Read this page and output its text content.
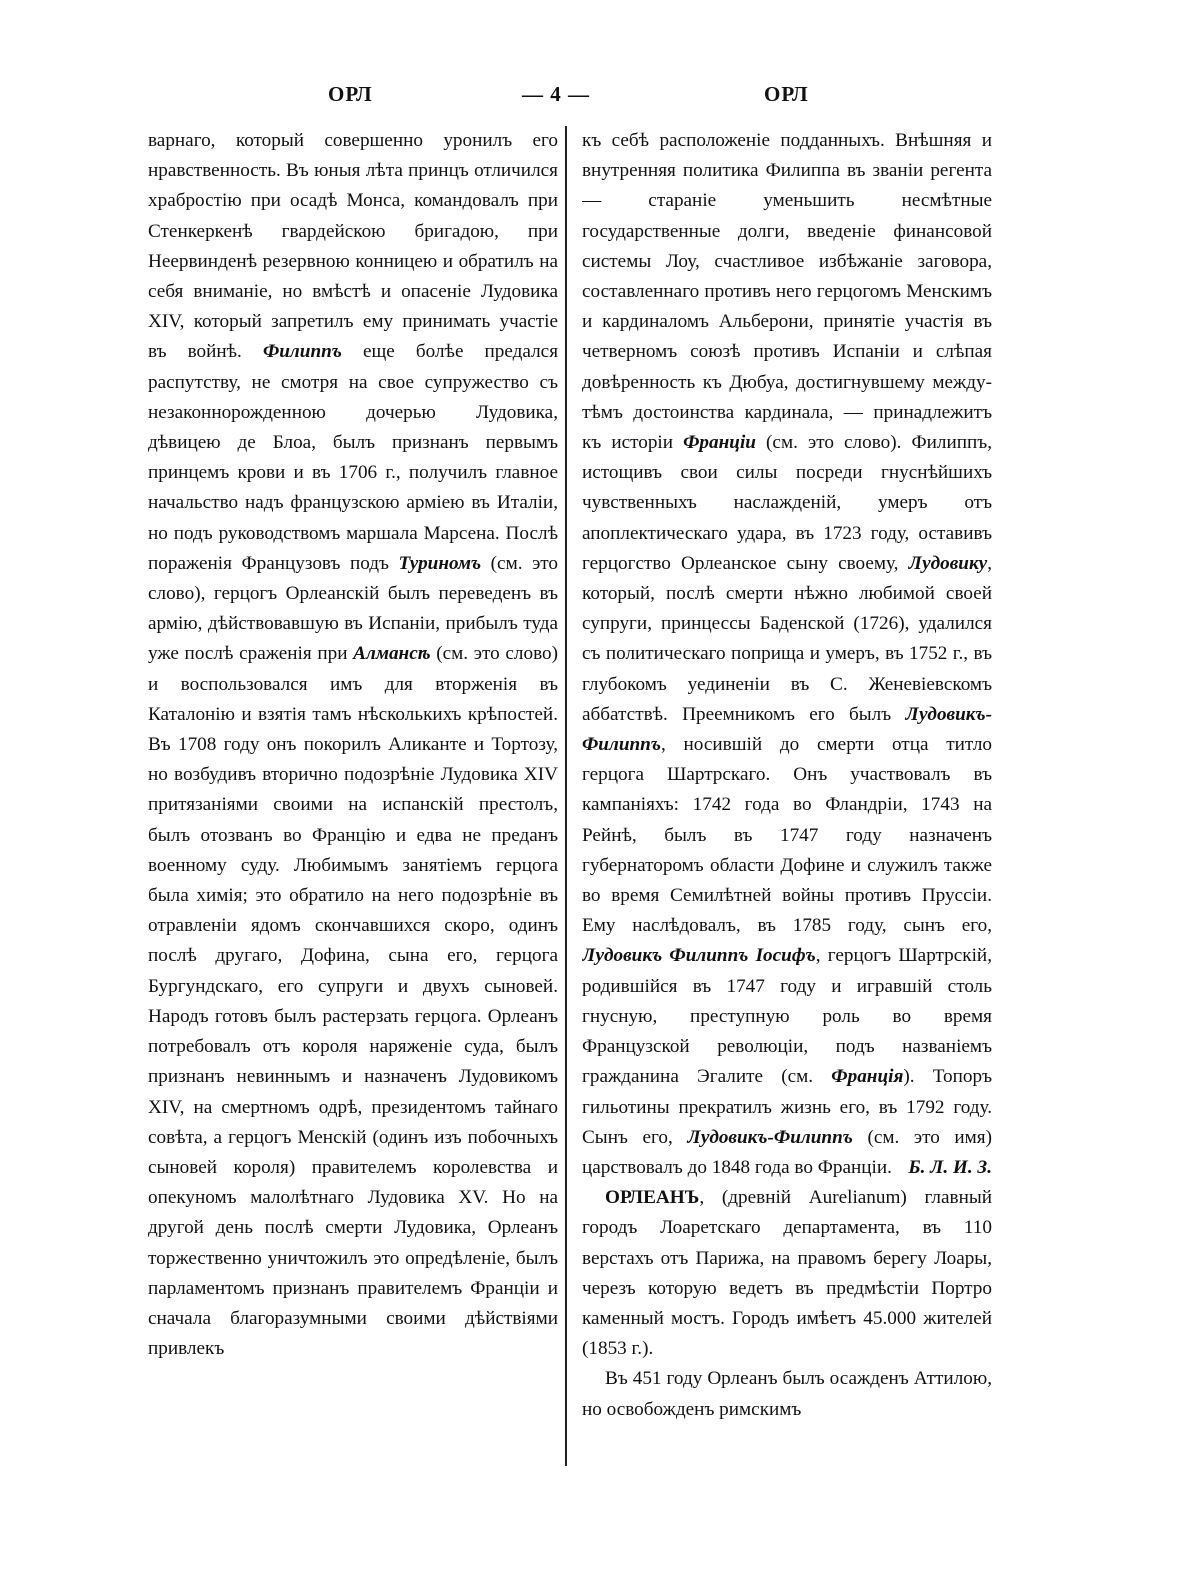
ОРЛ	— 4 —	ОРЛ

варнаго, который совершенно уронилъ его нравственность. Въ юныя лѣта принцъ отличился храбростію при осадѣ Монса, командовалъ при Стенкеркенѣ гвардейскою бригадою, при Неервинденѣ резервною конницею и обратилъ на себя вниманіе, но вмѣстѣ и опасеніе Лудовика XIV, который запретилъ ему принимать участіе въ войнѣ. Филиппъ еще болѣе предался распутству, не смотря на свое супружество съ незаконнорожденною дочерью Лудовика, дѣвицею де Блоа, былъ признанъ первымъ принцемъ крови и въ 1706 г., получилъ главное начальство надъ французскою арміею въ Италіи, но подъ руководствомъ маршала Марсена. Послѣ пораженія Французовъ подъ Туриномъ (см. это слово), герцогъ Орлеанскій былъ переведенъ въ армію, дѣйствовавшую въ Испаніи, прибылъ туда уже послѣ сраженія при Алмансѣ (см. это слово) и воспользовался имъ для вторженія въ Каталонію и взятія тамъ нѣсколькихъ крѣпостей. Въ 1708 году онъ покорилъ Аликанте и Тортозу, но возбудивъ вторично подозрѣніе Лудовика XIV притязаніями своими на испанскій престолъ, былъ отозванъ во Францію и едва не преданъ военному суду. Любимымъ занятіемъ герцога была химія; это обратило на него подозрѣніе въ отравленіи ядомъ скончавшихся скоро, одинъ послѣ другаго, Дофина, сына его, герцога Бургундскаго, его супруги и двухъ сыновей. Народъ готовъ былъ растерзать герцога. Орлеанъ потребовалъ отъ короля наряженіе суда, былъ признанъ невиннымъ и назначенъ Лудовикомъ XIV, на смертномъ одрѣ, президентомъ тайнаго совѣта, а герцогъ Менскій (одинъ изъ побочныхъ сыновей короля) правителемъ королевства и опекуномъ малолѣтнаго Лудовика XV. Но на другой день послѣ смерти Лудовика, Орлеанъ торжественно уничтожилъ это опредѣленіе, былъ парламентомъ признанъ правителемъ Франціи и сначала благоразумными своими дѣйствіями привлекъ

къ себѣ расположеніе подданныхъ. Внѣшняя и внутренняя политика Филиппа въ званіи регента — стараніе уменьшить несмѣтные государственные долги, введеніе финансовой системы Лоу, счастливое избѣжаніе заговора, составленнаго противъ него герцогомъ Менскимъ и кардиналомъ Альберони, принятіе участія въ четверномъ союзѣ противъ Испаніи и слѣпая довѣренность къ Дюбуа, достигнувшему между-тѣмъ достоинства кардинала, — принадлежитъ къ исторіи Франціи (см. это слово). Филиппъ, истощивъ свои силы посреди гнуснѣйшихъ чувственныхъ наслажденій, умеръ отъ апоплектическаго удара, въ 1723 году, оставивъ герцогство Орлеанское сыну своему, Лудовику, который, послѣ смерти нѣжно любимой своей супруги, принцессы Баденской (1726), удалился съ политическаго поприща и умеръ, въ 1752 г., въ глубокомъ уединеніи въ С. Женевіевскомъ аббатствѣ. Преемникомъ его былъ Лудовикъ-Филиппъ, носившій до смерти отца титло герцога Шартрскаго. Онъ участвовалъ въ кампаніяхъ: 1742 года во Фландріи, 1743 на Рейнѣ, былъ въ 1747 году назначенъ губернаторомъ области Дофине и служилъ также во время Семилѣтней войны противъ Пруссіи. Ему наслѣдовалъ, въ 1785 году, сынъ его, Лудовикъ Филиппъ Іосифъ, герцогъ Шартрскій, родившійся въ 1747 году и игравшій столь гнусную, преступную роль во время Французской революціи, подъ названіемъ гражданина Эгалите (см. Франція). Топоръ гильотины прекратилъ жизнь его, въ 1792 году. Сынъ его, Лудовикъ-Филиппъ (см. это имя) царствовалъ до 1848 года во Франціи. Б. Л. И. З.

ОРЛЕАНЪ, (древній Aurelianum) главный городъ Лоаретскаго департамента, въ 110 верстахъ отъ Парижа, на правомъ берегу Лоары, черезъ которую ведетъ въ предмѣстіи Портро каменный мостъ. Городъ имѣетъ 45.000 жителей (1853 г.).

Въ 451 году Орлеанъ былъ осажденъ Аттилою, но освобожденъ римскимъ
